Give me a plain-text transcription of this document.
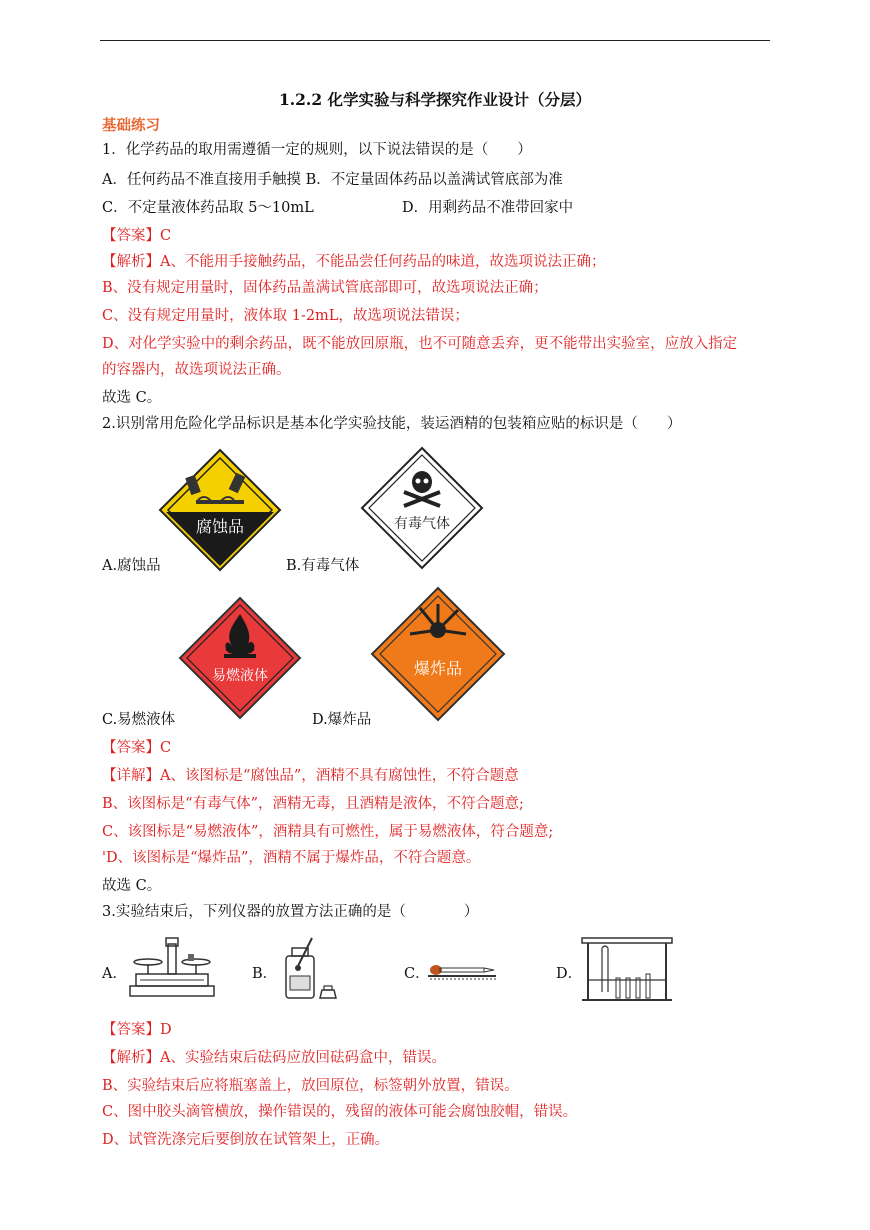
1.2.2 化学实验与科学探究作业设计（分层）
基础练习
1．化学药品的取用需遵循一定的规则，以下说法错误的是（　　）
A．任何药品不准直接用手触摸 B．不定量固体药品以盖满试管底部为准
C．不定量液体药品取 5～10mL	D．用剩药品不准带回家中
【答案】C
【解析】A、不能用手接触药品，不能品尝任何药品的味道，故选项说法正确；
B、没有规定用量时，固体药品盖满试管底部即可，故选项说法正确；
C、没有规定用量时，液体取 1-2mL，故选项说法错误；
D、对化学实验中的剩余药品，既不能放回原瓶，也不可随意丢弃，更不能带出实验室，应放入指定
的容器内，故选项说法正确。
故选 C。
2.识别常用危险化学品标识是基本化学实验技能，装运酒精的包装箱应贴的标识是（　　）
腐蚀品
A.腐蚀品
有毒气体
B.有毒气体
易燃液体
C.易燃液体
爆炸品
D.爆炸品
【答案】C
【详解】A、该图标是“腐蚀品”，酒精不具有腐蚀性，不符合题意
B、该图标是“有毒气体”，酒精无毒，且酒精是液体，不符合题意;
C、该图标是“易燃液体”，酒精具有可燃性，属于易燃液体，符合题意;
'D、该图标是“爆炸品”，酒精不属于爆炸品，不符合题意。
故选 C。
3.实验结束后，下列仪器的放置方法正确的是（　　　　）
A．	B．	C．	D．
【答案】D
【解析】A、实验结束后砝码应放回砝码盒中，错误。
B、实验结束后应将瓶塞盖上，放回原位，标签朝外放置，错误。
C、图中胶头滴管横放，操作错误的，残留的液体可能会腐蚀胶帽，错误。
D、试管洗涤完后要倒放在试管架上，正确。
